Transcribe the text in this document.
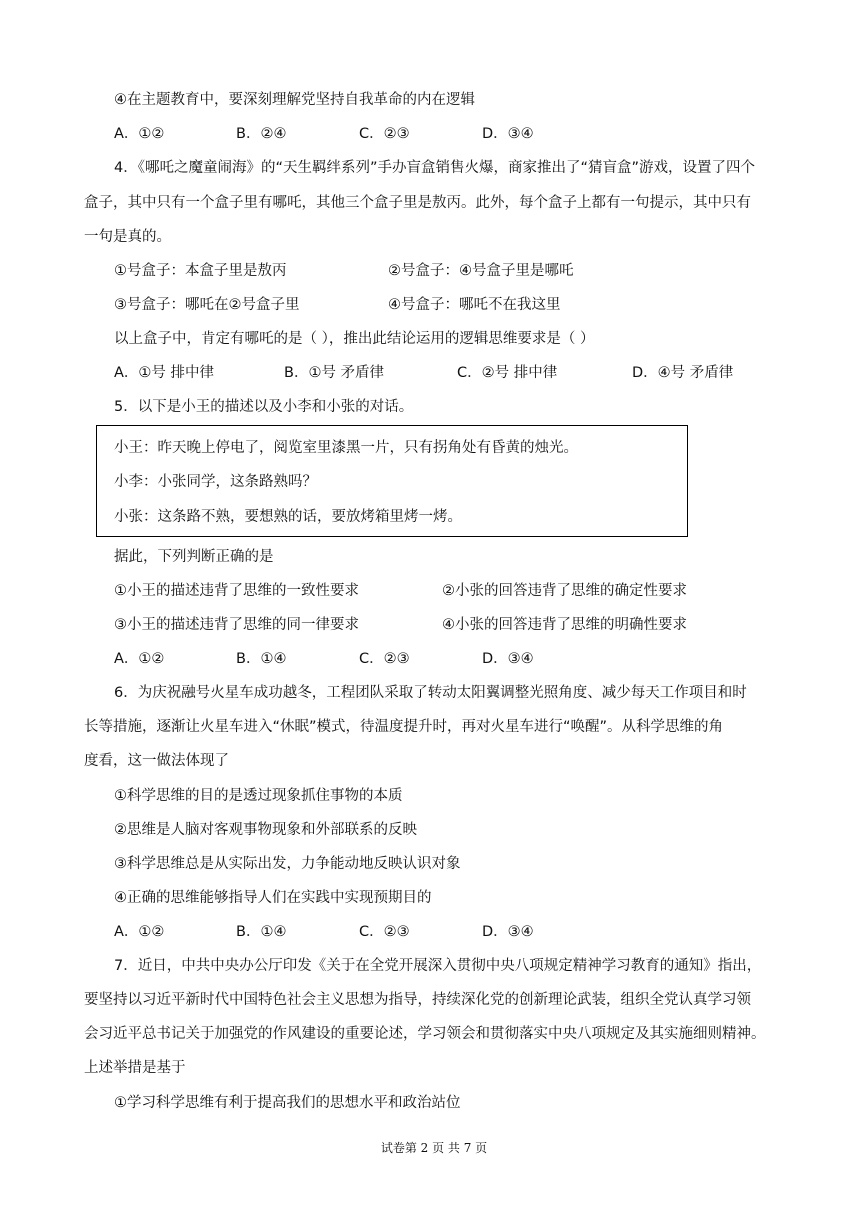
④在主题教育中，要深刻理解党坚持自我革命的内在逻辑
A．①②	B．②④	C．②③	D．③④
4．《哪吒之魔童闹海》的“天生羁绊系列”手办盲盒销售火爆，商家推出了“猜盲盒”游戏，设置了四个
盒子，其中只有一个盒子里有哪吒，其他三个盒子里是敖丙。此外，每个盒子上都有一句提示，其中只有
一句是真的。
①号盒子：本盒子里是敖丙	②号盒子：④号盒子里是哪吒
③号盒子：哪吒在②号盒子里	④号盒子：哪吒不在我这里
以上盒子中，肯定有哪吒的是（ ），推出此结论运用的逻辑思维要求是（ ）
A．①号 排中律	B．①号 矛盾律	C．②号 排中律	D．④号 矛盾律
5．以下是小王的描述以及小李和小张的对话。
小王：昨天晚上停电了，阅览室里漆黑一片，只有拐角处有昏黄的烛光。
小李：小张同学，这条路熟吗？
小张：这条路不熟，要想熟的话，要放烤箱里烤一烤。
据此，下列判断正确的是
①小王的描述违背了思维的一致性要求	②小张的回答违背了思维的确定性要求
③小王的描述违背了思维的同一律要求	④小张的回答违背了思维的明确性要求
A．①②	B．①④	C．②③	D．③④
6．为庆祝融号火星车成功越冬，工程团队采取了转动太阳翼调整光照角度、减少每天工作项目和时
长等措施，逐渐让火星车进入“休眠”模式，待温度提升时，再对火星车进行“唤醒”。从科学思维的角
度看，这一做法体现了
①科学思维的目的是透过现象抓住事物的本质
②思维是人脑对客观事物现象和外部联系的反映
③科学思维总是从实际出发，力争能动地反映认识对象
④正确的思维能够指导人们在实践中实现预期目的
A．①②	B．①④	C．②③	D．③④
7．近日，中共中央办公厅印发《关于在全党开展深入贯彻中央八项规定精神学习教育的通知》指出，
要坚持以习近平新时代中国特色社会主义思想为指导，持续深化党的创新理论武装，组织全党认真学习领
会习近平总书记关于加强党的作风建设的重要论述，学习领会和贯彻落实中央八项规定及其实施细则精神。
上述举措是基于
①学习科学思维有利于提高我们的思想水平和政治站位
试卷第 2 页 共 7 页
